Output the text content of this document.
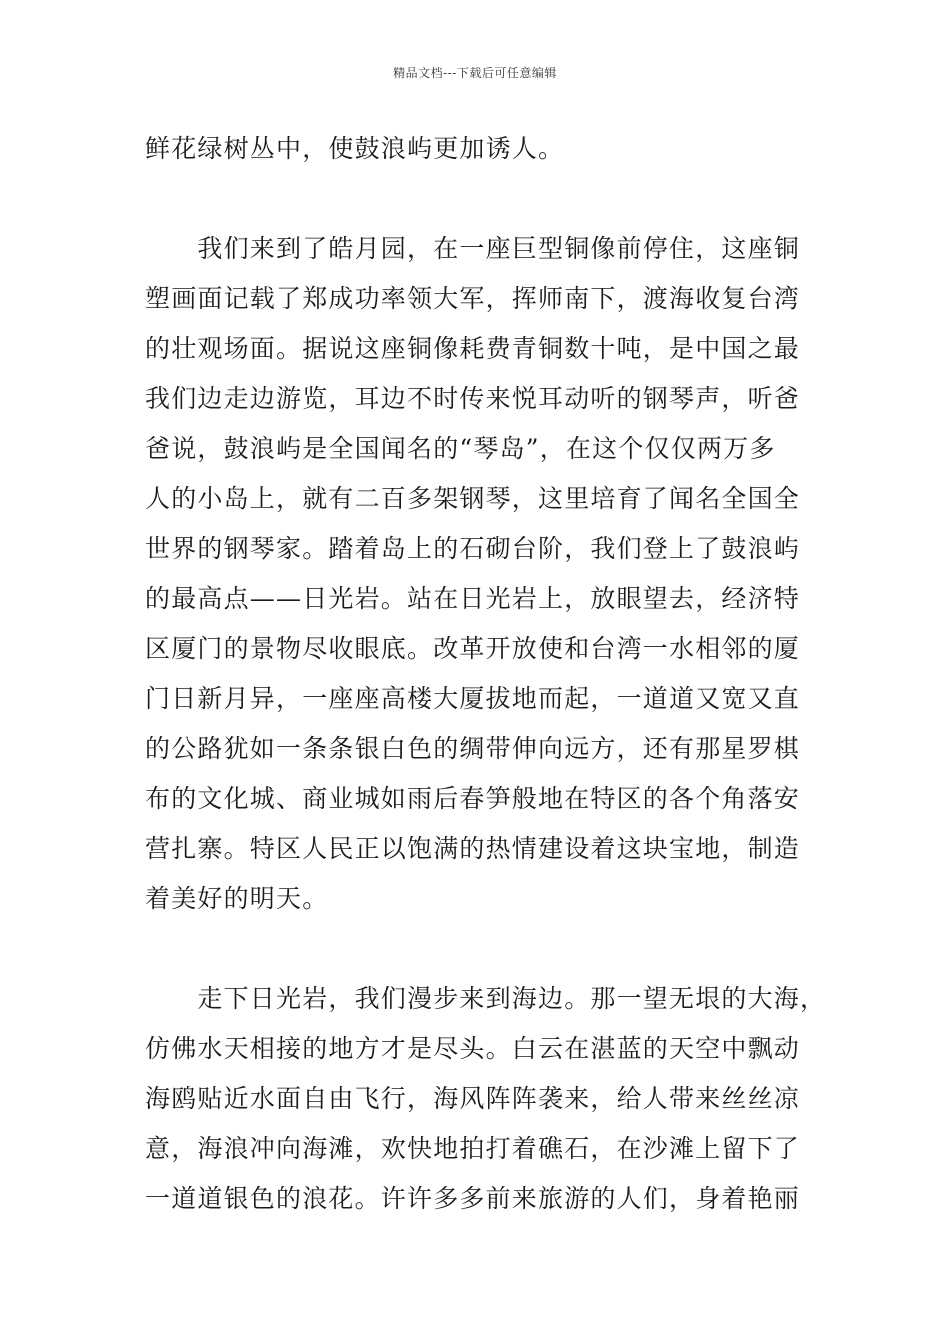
精品文档---下载后可任意编辑
鲜花绿树丛中，使鼓浪屿更加诱人。
　　我们来到了皓月园，在一座巨型铜像前停住，这座铜
塑画面记载了郑成功率领大军，挥师南下，渡海收复台湾
的壮观场面。据说这座铜像耗费青铜数十吨，是中国之最
我们边走边游览，耳边不时传来悦耳动听的钢琴声，听爸
爸说，鼓浪屿是全国闻名的“琴岛”，在这个仅仅两万多
人的小岛上，就有二百多架钢琴，这里培育了闻名全国全
世界的钢琴家。踏着岛上的石砌台阶，我们登上了鼓浪屿
的最高点——日光岩。站在日光岩上，放眼望去，经济特
区厦门的景物尽收眼底。改革开放使和台湾一水相邻的厦
门日新月异，一座座高楼大厦拔地而起，一道道又宽又直
的公路犹如一条条银白色的绸带伸向远方，还有那星罗棋
布的文化城、商业城如雨后春笋般地在特区的各个角落安
营扎寨。特区人民正以饱满的热情建设着这块宝地，制造
着美好的明天。
　　走下日光岩，我们漫步来到海边。那一望无垠的大海，
仿佛水天相接的地方才是尽头。白云在湛蓝的天空中飘动
海鸥贴近水面自由飞行，海风阵阵袭来，给人带来丝丝凉
意，海浪冲向海滩，欢快地拍打着礁石，在沙滩上留下了
一道道银色的浪花。许许多多前来旅游的人们，身着艳丽
